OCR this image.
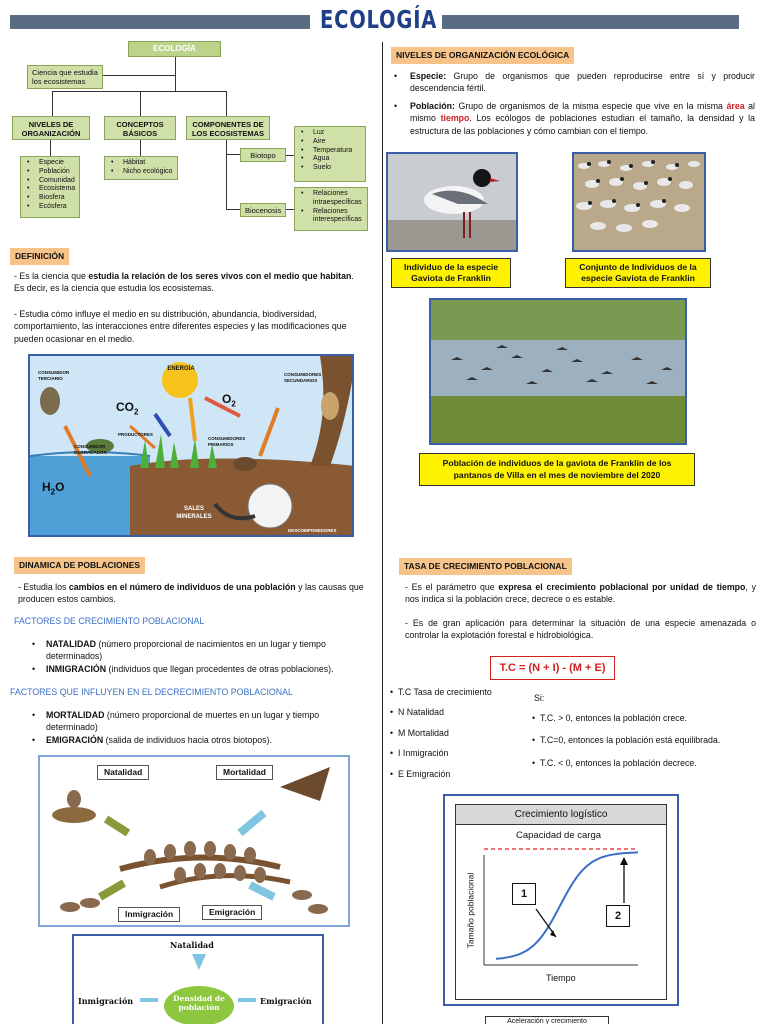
ECOLOGÍA
ECOLOGÍA
Ciencia que estudia los ecosistemas
NIVELES DE ORGANIZACIÓN
CONCEPTOS BÁSICOS
COMPONENTES DE LOS ECOSISTEMAS
• Especie
• Población
• Comunidad
• Ecosistema
• Biosfera
• Ecósfera
• Hábitat
• Nicho ecológico
Biotopo
Biocenosis
• Luz
• Aire
• Temperatura
• Agua
• Suelo
• Relaciones intraespecíficas
• Relaciones interespecíficas
DEFINICIÓN
- Es la ciencia que estudia la relación de los seres vivos con el medio que habitan. Es decir, es la ciencia que estudia los ecosistemas.
- Estudia cómo influye el medio en su distribución, abundancia, biodiversidad, comportamiento, las interacciones entre diferentes especies y las modificaciones que pueden ocasionar en el medio.
ENERGÍA
$CO_2$
$O_2$
$H_2O$
SALES MINERALES
CONSUMIDOR TERCIARIO
CONSUMIDORES SECUNDARIOS
CONSUMIDORES PRIMARIOS
CONSUMIDOR DEGRADADOR
PRODUCTORES
DESCOMPONEDORES
NIVELES DE ORGANIZACIÓN ECOLÓGICA
• Especie: Grupo de organismos que pueden reproducirse entre sí y producir descendencia fértil.
• Población: Grupo de organismos de la misma especie que vive en la misma área al mismo tiempo. Los ecólogos de poblaciones estudian el tamaño, la densidad y la estructura de las poblaciones y cómo cambian con el tiempo.
Individuo de la especie Gaviota de Franklin
Conjunto de Individuos de la especie Gaviota de Franklin
Población de individuos de la gaviota de Franklin de los pantanos de Villa en el mes de noviembre del 2020
DINAMICA DE POBLACIONES
- Estudia los cambios en el número de individuos de una población y las causas que producen estos cambios.
FACTORES DE CRECIMIENTO POBLACIONAL
• NATALIDAD (número proporcional de nacimientos en un lugar y tiempo determinados)
• INMIGRACIÓN (individuos que llegan procedentes de otras poblaciones).
FACTORES QUE INFLUYEN EN EL DECRECIMIENTO POBLACIONAL
• MORTALIDAD (número proporcional de muertes en un lugar y tiempo determinado)
• EMIGRACIÓN (salida de individuos hacia otros biotopos).
Natalidad	Mortalidad
Inmigración	Emigración
Natalidad
Inmigración	Densidad de población
Emigración
TASA DE CRECIMIENTO POBLACIONAL
- Es el parámetro que expresa el crecimiento poblacional por unidad de tiempo, y nos indica si la población crece, decrece o es estable.
- Es de gran aplicación para determinar la situación de una especie amenazada o controlar la explotación forestal e hidrobiológica.
T.C = (N + I) - (M + E)
• T.C Tasa de crecimiento
• N Natalidad
• M Mortalidad
• I Inmigración
• E Emigración
Si:
• T.C. > 0, entonces la población crece.
• T.C=0, entonces la población está equilibrada.
• T.C. < 0, entonces la población decrece.
Crecimiento logístico
Capacidad de carga
Tamaño poblacional
Tiempo
1
2
Aceleración y crecimiento
